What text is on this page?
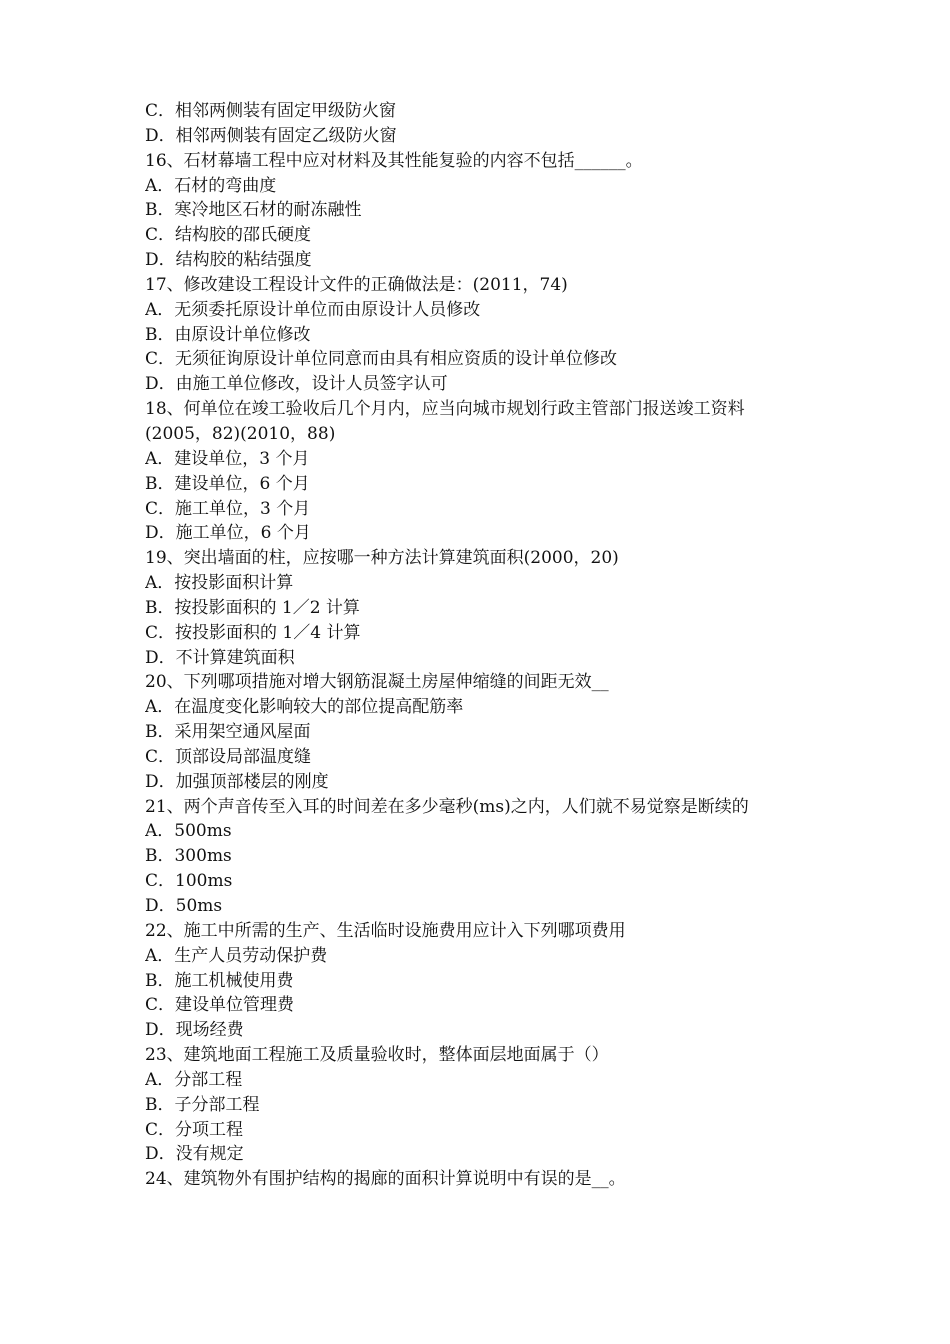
C．相邻两侧装有固定甲级防火窗
D．相邻两侧装有固定乙级防火窗
16、石材幕墙工程中应对材料及其性能复验的内容不包括______。
A．石材的弯曲度
B．寒冷地区石材的耐冻融性
C．结构胶的邵氏硬度
D．结构胶的粘结强度
17、修改建设工程设计文件的正确做法是：(2011，74)
A．无须委托原设计单位而由原设计人员修改
B．由原设计单位修改
C．无须征询原设计单位同意而由具有相应资质的设计单位修改
D．由施工单位修改，设计人员签字认可
18、何单位在竣工验收后几个月内，应当向城市规划行政主管部门报送竣工资料
(2005，82)(2010，88)
A．建设单位，3 个月
B．建设单位，6 个月
C．施工单位，3 个月
D．施工单位，6 个月
19、突出墙面的柱，应按哪一种方法计算建筑面积(2000，20)
A．按投影面积计算
B．按投影面积的 1／2 计算
C．按投影面积的 1／4 计算
D．不计算建筑面积
20、下列哪项措施对增大钢筋混凝土房屋伸缩缝的间距无效__
A．在温度变化影响较大的部位提高配筋率
B．采用架空通风屋面
C．顶部设局部温度缝
D．加强顶部楼层的刚度
21、两个声音传至入耳的时间差在多少毫秒(ms)之内，人们就不易觉察是断续的
A．500ms
B．300ms
C．100ms
D．50ms
22、施工中所需的生产、生活临时设施费用应计入下列哪项费用
A．生产人员劳动保护费
B．施工机械使用费
C．建设单位管理费
D．现场经费
23、建筑地面工程施工及质量验收时，整体面层地面属于（）
A．分部工程
B．子分部工程
C．分项工程
D．没有规定
24、建筑物外有围护结构的揭廊的面积计算说明中有误的是__。
